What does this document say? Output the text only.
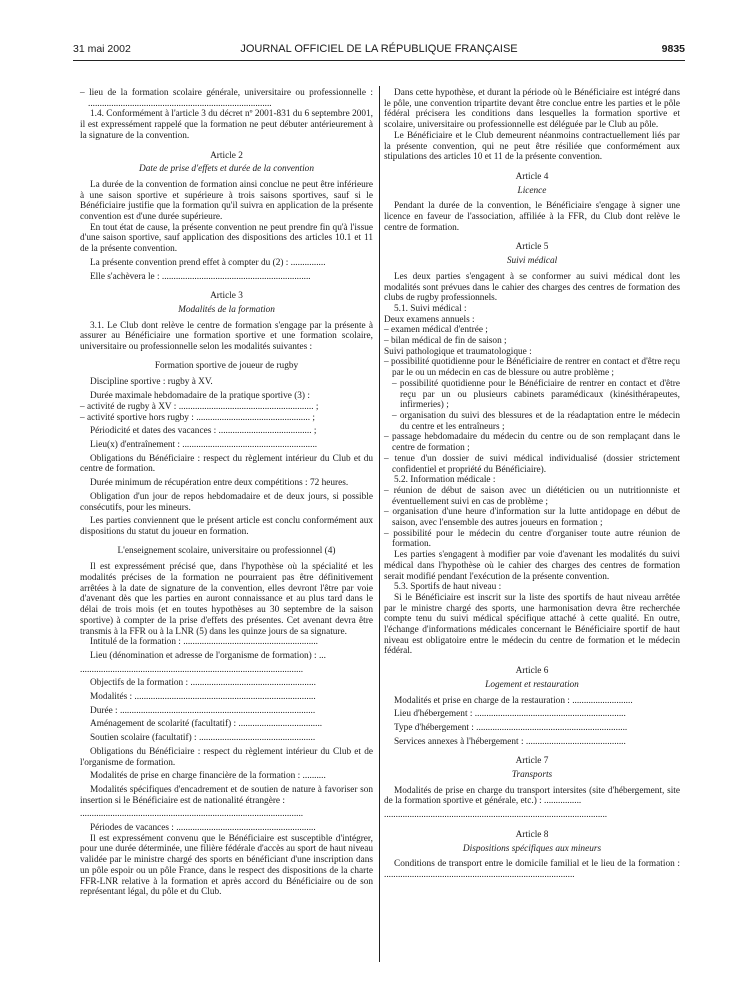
31 mai 2002	JOURNAL OFFICIEL DE LA RÉPUBLIQUE FRANÇAISE	9835

– lieu de la formation scolaire générale, universitaire ou professionnelle : ...............................................................................

1.4. Conformément à l'article 3 du décret nº 2001-831 du 6 septembre 2001, il est expressément rappelé que la formation ne peut débuter antérieurement à la signature de la convention.

Article 2

Date de prise d'effets et durée de la convention

La durée de la convention de formation ainsi conclue ne peut être inférieure à une saison sportive et supérieure à trois saisons sportives, sauf si le Bénéficiaire justifie que la formation qu'il suivra en application de la présente convention est d'une durée supérieure.

En tout état de cause, la présente convention ne peut prendre fin qu'à l'issue d'une saison sportive, sauf application des dispositions des articles 10.1 et 11 de la présente convention.

La présente convention prend effet à compter du (2) : ...............

Elle s'achèvera le : ................................................................

Article 3

Modalités de la formation

3.1. Le Club dont relève le centre de formation s'engage par la présente à assurer au Bénéficiaire une formation sportive et une formation scolaire, universitaire ou professionnelle selon les modalités suivantes :

Formation sportive de joueur de rugby

Discipline sportive : rugby à XV.

Durée maximale hebdomadaire de la pratique sportive (3) :

– activité de rugby à XV : .......................................................... ;

– activité sportive hors rugby : ................................................. ;

Périodicité et dates des vacances : ........................................ ;

Lieu(x) d'entraînement : ..........................................................

Obligations du Bénéficiaire : respect du règlement intérieur du Club et du centre de formation.

Durée minimum de récupération entre deux compétitions : 72 heures.

Obligation d'un jour de repos hebdomadaire et de deux jours, si possible consécutifs, pour les mineurs.

Les parties conviennent que le présent article est conclu conformément aux dispositions du statut du joueur en formation.

L'enseignement scolaire, universitaire ou professionnel (4)

Il est expressément précisé que, dans l'hypothèse où la spécialité et les modalités précises de la formation ne pourraient pas être définitivement arrêtées à la date de signature de la convention, elles devront l'être par voie d'avenant dès que les parties en auront connaissance et au plus tard dans le délai de trois mois (et en toutes hypothèses au 30 septembre de la saison sportive) à compter de la prise d'effets des présentes. Cet avenant devra être transmis à la FFR ou à la LNR (5) dans les quinze jours de sa signature.

Intitulé de la formation : ..........................................................

Lieu (dénomination et adresse de l'organisme de formation) : ...

................................................................................................

Objectifs de la formation : ......................................................

Modalités : ..............................................................................

Durée : ....................................................................................

Aménagement de scolarité (facultatif) : ....................................

Soutien scolaire (facultatif) : ..................................................

Obligations du Bénéficiaire : respect du règlement intérieur du Club et de l'organisme de formation.

Modalités de prise en charge financière de la formation : ..........

Modalités spécifiques d'encadrement et de soutien de nature à favoriser son insertion si le Bénéficiaire est de nationalité étrangère :

................................................................................................

Périodes de vacances : ............................................................

Il est expressément convenu que le Bénéficiaire est susceptible d'intégrer, pour une durée déterminée, une filière fédérale d'accès au sport de haut niveau validée par le ministre chargé des sports en bénéficiant d'une inscription dans un pôle espoir ou un pôle France, dans le respect des dispositions de la charte FFR-LNR relative à la formation et après accord du Bénéficiaire ou de son représentant légal, du pôle et du Club.

Dans cette hypothèse, et durant la période où le Bénéficiaire est intégré dans le pôle, une convention tripartite devant être conclue entre les parties et le pôle fédéral précisera les conditions dans lesquelles la formation sportive et scolaire, universitaire ou professionnelle est déléguée par le Club au pôle.

Le Bénéficiaire et le Club demeurent néanmoins contractuellement liés par la présente convention, qui ne peut être résiliée que conformément aux stipulations des articles 10 et 11 de la présente convention.

Article 4

Licence

Pendant la durée de la convention, le Bénéficiaire s'engage à signer une licence en faveur de l'association, affiliée à la FFR, du Club dont relève le centre de formation.

Article 5

Suivi médical

Les deux parties s'engagent à se conformer au suivi médical dont les modalités sont prévues dans le cahier des charges des centres de formation des clubs de rugby professionnels.

5.1. Suivi médical :

Deux examens annuels :

– examen médical d'entrée ;

– bilan médical de fin de saison ;

Suivi pathologique et traumatologique :

– possibilité quotidienne pour le Bénéficiaire de rentrer en contact et d'être reçu par le ou un médecin en cas de blessure ou autre problème ;

– possibilité quotidienne pour le Bénéficiaire de rentrer en contact et d'être reçu par un ou plusieurs cabinets paramédicaux (kinésithérapeutes, infirmeries) ;

– organisation du suivi des blessures et de la réadaptation entre le médecin du centre et les entraîneurs ;

– passage hebdomadaire du médecin du centre ou de son remplaçant dans le centre de formation ;

– tenue d'un dossier de suivi médical individualisé (dossier strictement confidentiel et propriété du Bénéficiaire).

5.2. Information médicale :

– réunion de début de saison avec un diététicien ou un nutritionniste et éventuellement suivi en cas de problème ;

– organisation d'une heure d'information sur la lutte antidopage en début de saison, avec l'ensemble des autres joueurs en formation ;

– possibilité pour le médecin du centre d'organiser toute autre réunion de formation.

Les parties s'engagent à modifier par voie d'avenant les modalités du suivi médical dans l'hypothèse où le cahier des charges des centres de formation serait modifié pendant l'exécution de la présente convention.

5.3. Sportifs de haut niveau :

Si le Bénéficiaire est inscrit sur la liste des sportifs de haut niveau arrêtée par le ministre chargé des sports, une harmonisation devra être recherchée compte tenu du suivi médical spécifique attaché à cette qualité. En outre, l'échange d'informations médicales concernant le Bénéficiaire sportif de haut niveau est obligatoire entre le médecin du centre de formation et le médecin fédéral.

Article 6

Logement et restauration

Modalités et prise en charge de la restauration : ..........................

Lieu d'hébergement : .................................................................

Type d'hébergement : .................................................................

Services annexes à l'hébergement : ...........................................

Article 7

Transports

Modalités de prise en charge du transport intersites (site d'hébergement, site de la formation sportive et générale, etc.) : ................

................................................................................................

Article 8

Dispositions spécifiques aux mineurs

Conditions de transport entre le domicile familial et le lieu de la formation : ..................................................................................
